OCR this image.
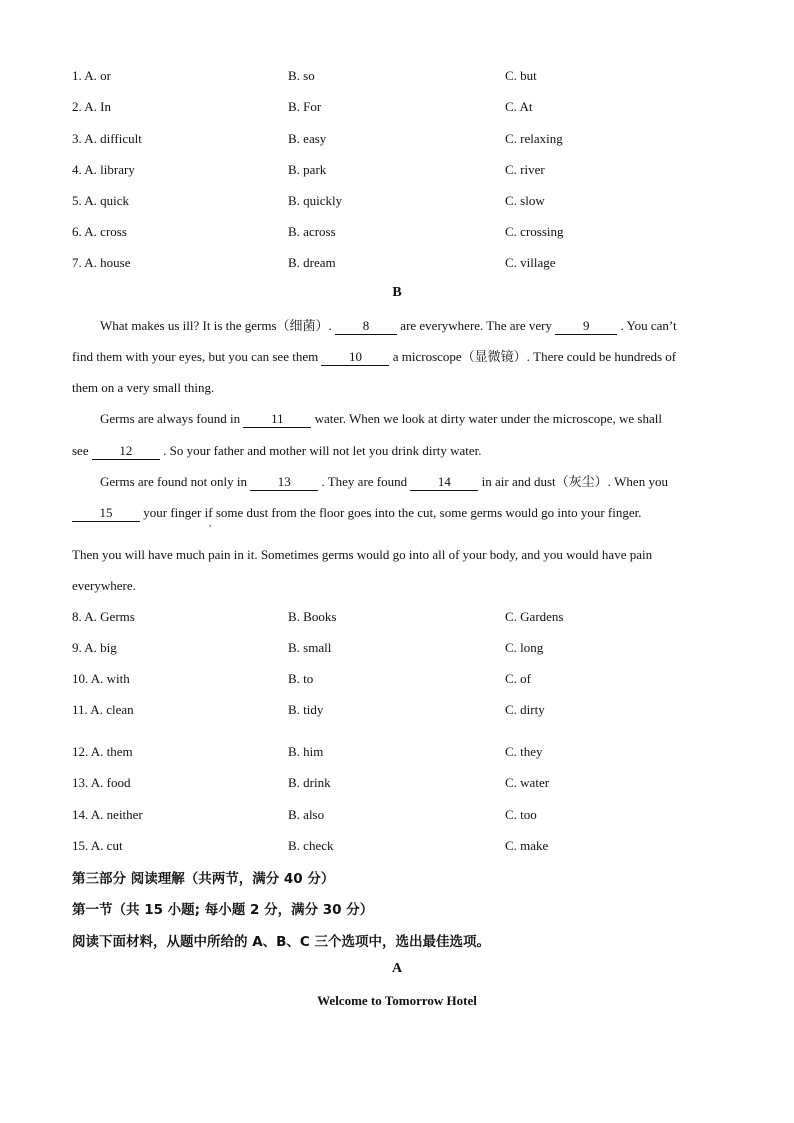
1. A. or	B. so	C. but
2. A. In	B. For	C. At
3. A. difficult	B. easy	C. relaxing
4. A. library	B. park	C. river
5. A. quick	B. quickly	C. slow
6. A. cross	B. across	C. crossing
7. A. house	B. dream	C. village
B
What makes us ill? It is the germs（细菌）. 8 are everywhere. The are very 9 . You can’t
find them with your eyes, but you can see them 10 a microscope（显微镜）. There could be hundreds of
them on a very small thing.
Germs are always found in 11 water. When we look at dirty water under the microscope, we shall
see 12 . So your father and mother will not let you drink dirty water.
Germs are found not only in 13 . They are found 14 in air and dust（灰尘）. When you
15 your finger if some dust from the floor goes into the cut, some germs would go into your finger.
,
Then you will have much pain in it. Sometimes germs would go into all of your body, and you would have pain
everywhere.
8. A. Germs	B. Books	C. Gardens
9. A. big	B. small	C. long
10. A. with	B. to	C. of
11. A. clean	B. tidy	C. dirty
12. A. them	B. him	C. they
13. A. food	B. drink	C. water
14. A. neither	B. also	C. too
15. A. cut	B. check	C. make
第三部分 阅读理解（共两节，满分 40 分）
第一节（共 15 小题; 每小题 2 分，满分 30 分）
阅读下面材料，从题中所给的 A、B、C 三个选项中，选出最佳选项。
A
Welcome to Tomorrow Hotel
